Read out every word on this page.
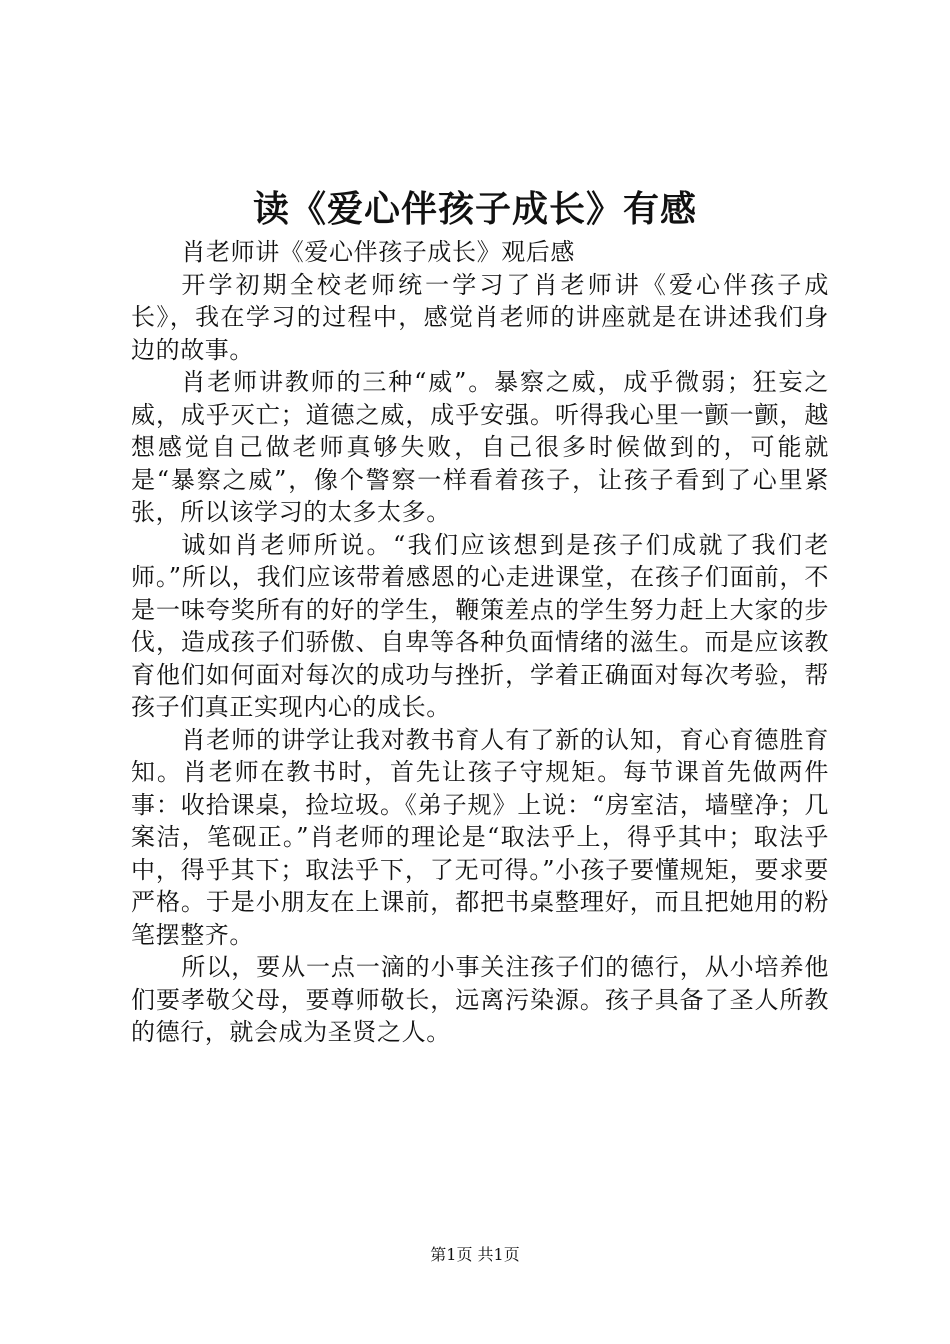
读《爱心伴孩子成长》有感

肖老师讲《爱心伴孩子成长》观后感

开学初期全校老师统一学习了肖老师讲《爱心伴孩子成长》，我在学习的过程中，感觉肖老师的讲座就是在讲述我们身边的故事。

肖老师讲教师的三种“威”。暴察之威，成乎微弱；狂妄之威，成乎灭亡；道德之威，成乎安强。听得我心里一颤一颤，越想感觉自己做老师真够失败，自己很多时候做到的，可能就是“暴察之威”，像个警察一样看着孩子，让孩子看到了心里紧张，所以该学习的太多太多。

诚如肖老师所说。“我们应该想到是孩子们成就了我们老师。”所以，我们应该带着感恩的心走进课堂，在孩子们面前，不是一味夸奖所有的好的学生，鞭策差点的学生努力赶上大家的步伐，造成孩子们骄傲、自卑等各种负面情绪的滋生。而是应该教育他们如何面对每次的成功与挫折，学着正确面对每次考验，帮孩子们真正实现内心的成长。

肖老师的讲学让我对教书育人有了新的认知，育心育德胜育知。肖老师在教书时，首先让孩子守规矩。每节课首先做两件事：收拾课桌，捡垃圾。《弟子规》上说：“房室洁，墙壁净；几案洁，笔砚正。”肖老师的理论是“取法乎上，得乎其中；取法乎中，得乎其下；取法乎下，了无可得。”小孩子要懂规矩，要求要严格。于是小朋友在上课前，都把书桌整理好，而且把她用的粉笔摆整齐。

所以，要从一点一滴的小事关注孩子们的德行，从小培养他们要孝敬父母，要尊师敬长，远离污染源。孩子具备了圣人所教的德行，就会成为圣贤之人。

第1页 共1页
